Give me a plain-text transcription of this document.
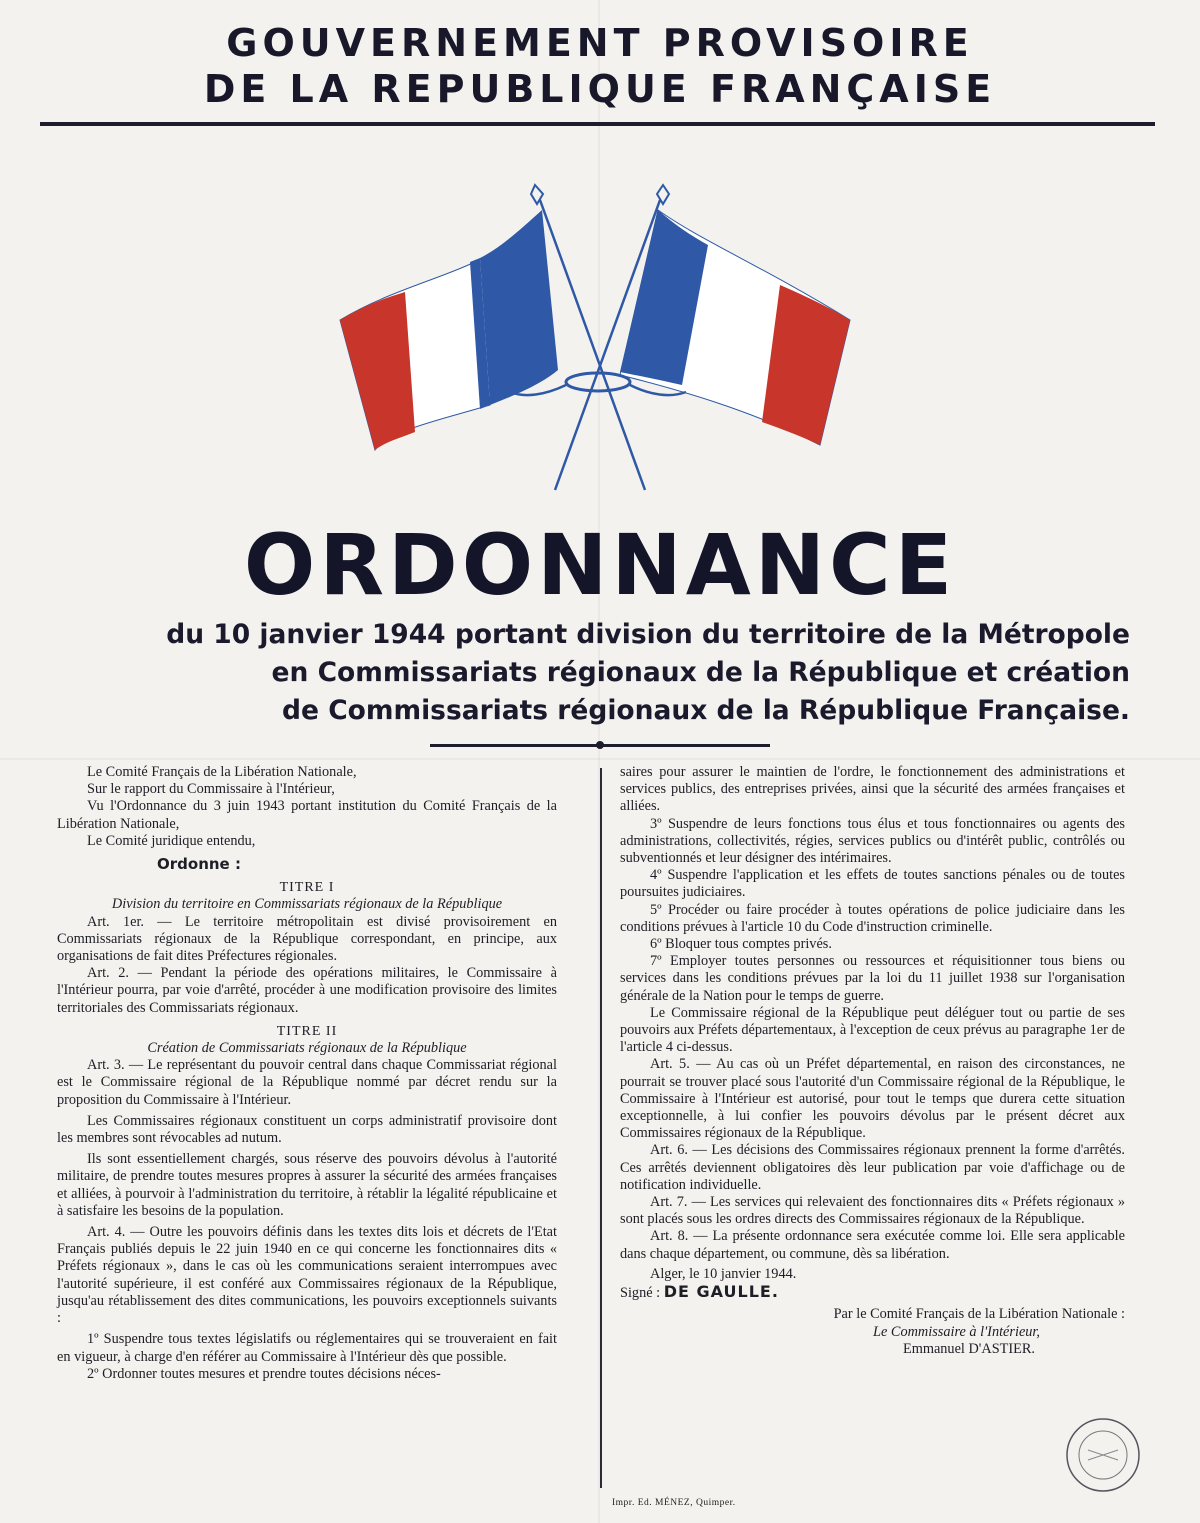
GOUVERNEMENT PROVISOIRE
DE LA REPUBLIQUE FRANÇAISE
ORDONNANCE
du 10 janvier 1944 portant division du territoire de la Métropole
en Commissariats régionaux de la République et création
de Commissariats régionaux de la République Française.

Le Comité Français de la Libération Nationale,

Sur le rapport du Commissaire à l'Intérieur,

Vu l'Ordonnance du 3 juin 1943 portant institution du Comité Français de la Libération Nationale,

Le Comité juridique entendu,

Ordonne :

TITRE I

Division du territoire en Commissariats régionaux de la République

Art. 1er. — Le territoire métropolitain est divisé provisoirement en Commissariats régionaux de la République correspondant, en principe, aux organisations de fait dites Préfectures régionales.

Art. 2. — Pendant la période des opérations militaires, le Commissaire à l'Intérieur pourra, par voie d'arrêté, procéder à une modification provisoire des limites territoriales des Commissariats régionaux.

TITRE II

Création de Commissariats régionaux de la République

Art. 3. — Le représentant du pouvoir central dans chaque Commissariat régional est le Commissaire régional de la République nommé par décret rendu sur la proposition du Commissaire à l'Intérieur.

Les Commissaires régionaux constituent un corps administratif provisoire dont les membres sont révocables ad nutum.

Ils sont essentiellement chargés, sous réserve des pouvoirs dévolus à l'autorité militaire, de prendre toutes mesures propres à assurer la sécurité des armées françaises et alliées, à pourvoir à l'administration du territoire, à rétablir la légalité républicaine et à satisfaire les besoins de la population.

Art. 4. — Outre les pouvoirs définis dans les textes dits lois et décrets de l'Etat Français publiés depuis le 22 juin 1940 en ce qui concerne les fonctionnaires dits « Préfets régionaux », dans le cas où les communications seraient interrompues avec l'autorité supérieure, il est conféré aux Commissaires régionaux de la République, jusqu'au rétablissement des dites communications, les pouvoirs exceptionnels suivants :

1º Suspendre tous textes législatifs ou réglementaires qui se trouveraient en fait en vigueur, à charge d'en référer au Commissaire à l'Intérieur dès que possible.

2º Ordonner toutes mesures et prendre toutes décisions néces-

saires pour assurer le maintien de l'ordre, le fonctionnement des administrations et services publics, des entreprises privées, ainsi que la sécurité des armées françaises et alliées.

3º Suspendre de leurs fonctions tous élus et tous fonctionnaires ou agents des administrations, collectivités, régies, services publics ou d'intérêt public, contrôlés ou subventionnés et leur désigner des intérimaires.

4º Suspendre l'application et les effets de toutes sanctions pénales ou de toutes poursuites judiciaires.

5º Procéder ou faire procéder à toutes opérations de police judiciaire dans les conditions prévues à l'article 10 du Code d'instruction criminelle.

6º Bloquer tous comptes privés.

7º Employer toutes personnes ou ressources et réquisitionner tous biens ou services dans les conditions prévues par la loi du 11 juillet 1938 sur l'organisation générale de la Nation pour le temps de guerre.

Le Commissaire régional de la République peut déléguer tout ou partie de ses pouvoirs aux Préfets départementaux, à l'exception de ceux prévus au paragraphe 1er de l'article 4 ci-dessus.

Art. 5. — Au cas où un Préfet départemental, en raison des circonstances, ne pourrait se trouver placé sous l'autorité d'un Commissaire régional de la République, le Commissaire à l'Intérieur est autorisé, pour tout le temps que durera cette situation exceptionnelle, à lui confier les pouvoirs dévolus par le présent décret aux Commissaires régionaux de la République.

Art. 6. — Les décisions des Commissaires régionaux prennent la forme d'arrêtés. Ces arrêtés deviennent obligatoires dès leur publication par voie d'affichage ou de notification individuelle.

Art. 7. — Les services qui relevaient des fonctionnaires dits « Préfets régionaux » sont placés sous les ordres directs des Commissaires régionaux de la République.

Art. 8. — La présente ordonnance sera exécutée comme loi. Elle sera applicable dans chaque département, ou commune, dès sa libération.

Alger, le 10 janvier 1944.

Signé : DE GAULLE.

Par le Comité Français de la Libération Nationale :

Le Commissaire à l'Intérieur,

Emmanuel D'ASTIER.

Impr. Ed. MÉNEZ, Quimper.
